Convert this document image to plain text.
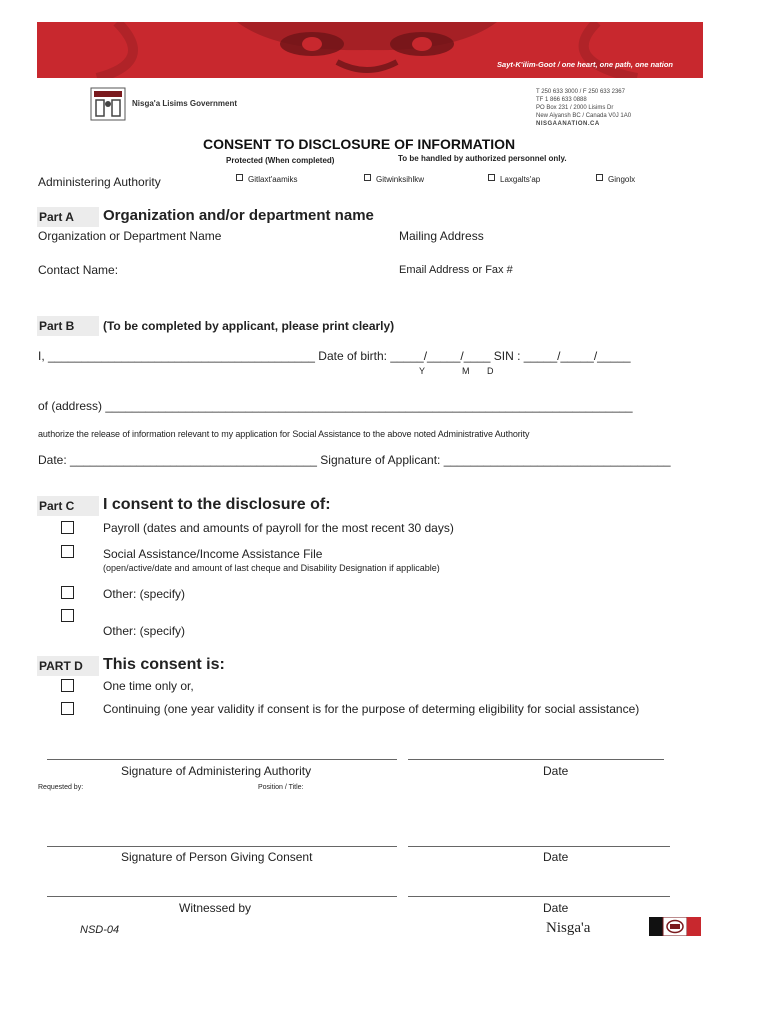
Sayt-K'ilim-Goot / one heart, one path, one nation
Nisga'a Lisims Government
T 250 633 3000 / F 250 633 2367
TF 1 866 633 0888
PO Box 231 / 2000 Lisims Dr
New Aiyansh BC / Canada V0J 1A0
NISGAANATION.CA
CONSENT TO DISCLOSURE OF INFORMATION
Protected (When completed)	To be handled by authorized personnel only.
Administering Authority	Gitlaxt'aamiks	Gitwinksihlkw	Laxgalts'ap	Gingolx
Part A	Organization and/or department name
Organization or Department Name	Mailing Address
Contact Name:	Email Address or Fax #
Part B	(To be completed by applicant, please print clearly)
I, ________________________________________ Date of birth: _____/_____/____ SIN : _____/_____/_____
Y	M D
of (address) _______________________________________________________________________________
authorize the release of information relevant to my application for Social Assistance to the above noted Administrative Authority
Date: _____________________________________ Signature of Applicant: __________________________________
Part C	I consent to the disclosure of:
Payroll (dates and amounts of payroll for the most recent 30 days)
Social Assistance/Income Assistance File
(open/active/date and amount of last cheque and Disability Designation if applicable)
Other: (specify)
Other: (specify)
PART D	This consent is:
One time only or,
Continuing (one year validity if consent is for the purpose of determing eligibility for social assistance)
Signature of Administering Authority	Date
Requested by:	Position / Title:
Signature of Person Giving Consent	Date
Witnessed by	Date
NSD-04	Nisga'a
